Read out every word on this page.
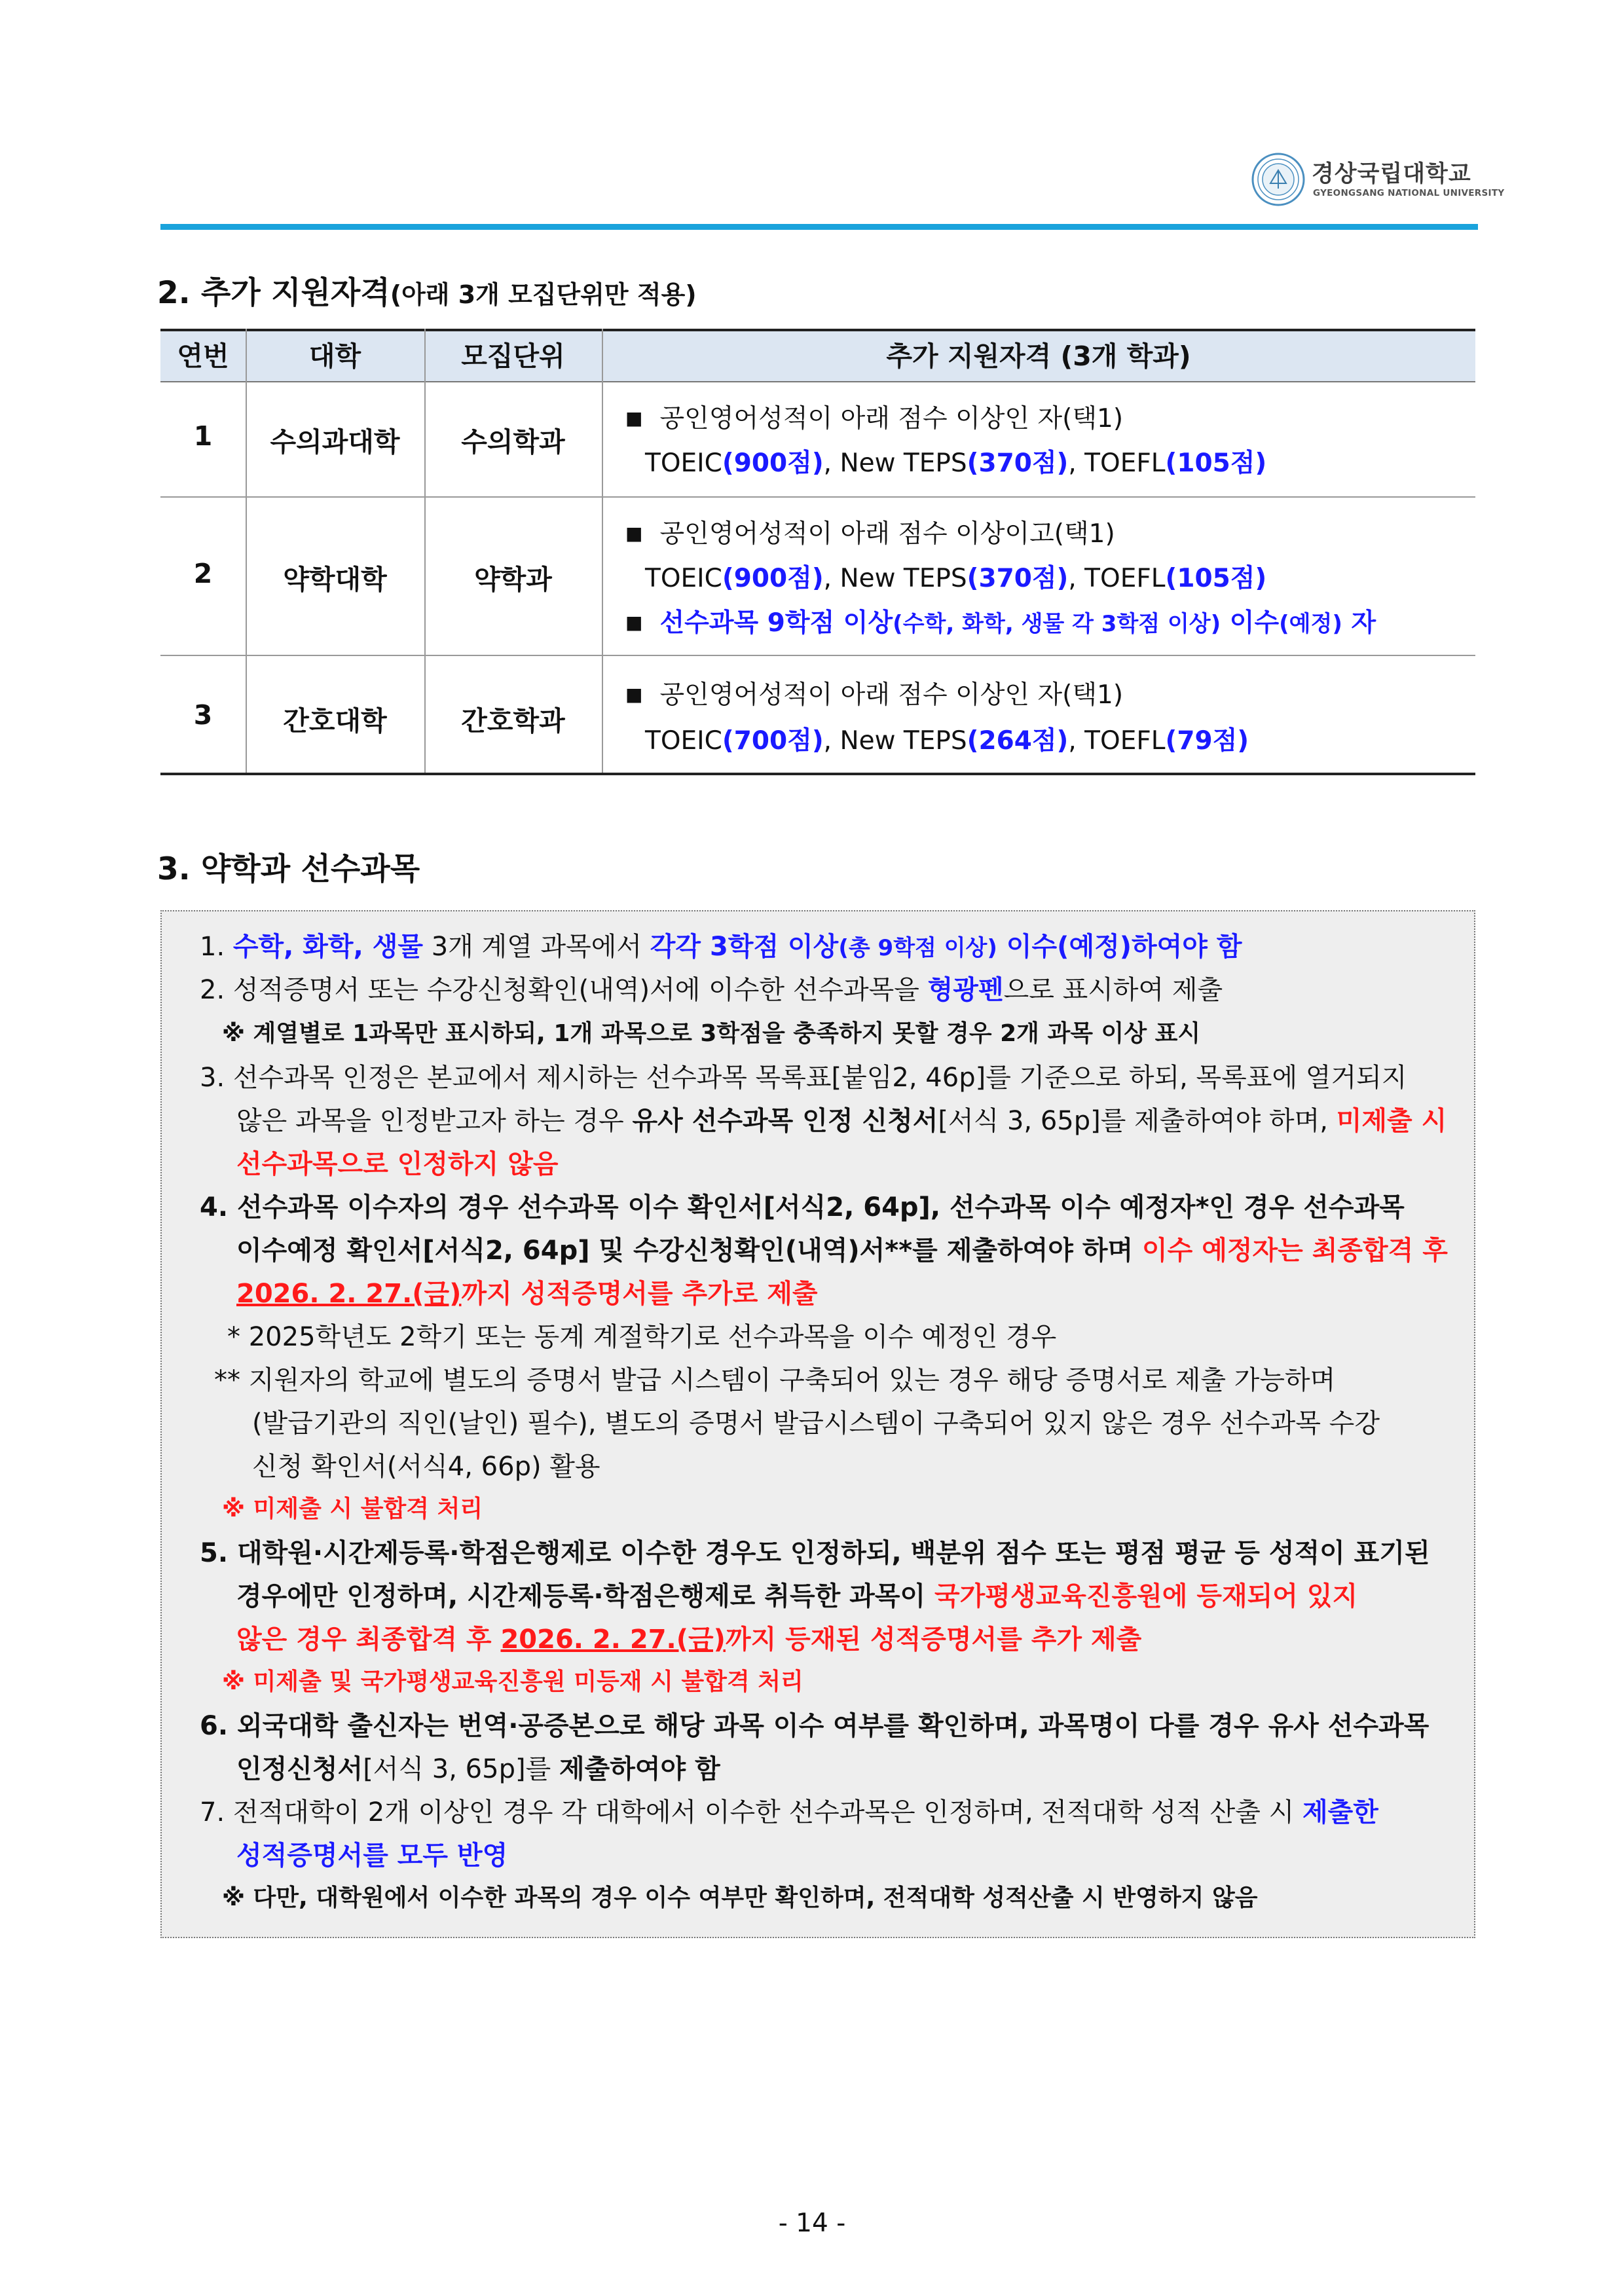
경상국립대학교
GYEONGSANG NATIONAL UNIVERSITY
2. 추가 지원자격(아래 3개 모집단위만 적용)
연번	대학	모집단위	추가 지원자격 (3개 학과)
1	수의과대학	수의학과
■ 공인영어성적이 아래 점수 이상인 자(택1)
TOEIC(900점), New TEPS(370점), TOEFL(105점)
2	약학대학	약학과
■ 공인영어성적이 아래 점수 이상이고(택1)
TOEIC(900점), New TEPS(370점), TOEFL(105점)
■ 선수과목 9학점 이상(수학, 화학, 생물 각 3학점 이상) 이수(예정) 자
3	간호대학	간호학과
■ 공인영어성적이 아래 점수 이상인 자(택1)
TOEIC(700점), New TEPS(264점), TOEFL(79점)
3. 약학과 선수과목
1. 수학, 화학, 생물 3개 계열 과목에서 각각 3학점 이상(총 9학점 이상) 이수(예정)하여야 함
2. 성적증명서 또는 수강신청확인(내역)서에 이수한 선수과목을 형광펜으로 표시하여 제출
※ 계열별로 1과목만 표시하되, 1개 과목으로 3학점을 충족하지 못할 경우 2개 과목 이상 표시
3. 선수과목 인정은 본교에서 제시하는 선수과목 목록표[붙임2, 46p]를 기준으로 하되, 목록표에 열거되지
않은 과목을 인정받고자 하는 경우 유사 선수과목 인정 신청서[서식 3, 65p]를 제출하여야 하며, 미제출 시
선수과목으로 인정하지 않음
4. 선수과목 이수자의 경우 선수과목 이수 확인서[서식2, 64p], 선수과목 이수 예정자*인 경우 선수과목
이수예정 확인서[서식2, 64p] 및 수강신청확인(내역)서**를 제출하여야 하며 이수 예정자는 최종합격 후
2026. 2. 27.(금)까지 성적증명서를 추가로 제출
* 2025학년도 2학기 또는 동계 계절학기로 선수과목을 이수 예정인 경우
** 지원자의 학교에 별도의 증명서 발급 시스템이 구축되어 있는 경우 해당 증명서로 제출 가능하며
(발급기관의 직인(날인) 필수), 별도의 증명서 발급시스템이 구축되어 있지 않은 경우 선수과목 수강
신청 확인서(서식4, 66p) 활용
※ 미제출 시 불합격 처리
5. 대학원·시간제등록·학점은행제로 이수한 경우도 인정하되, 백분위 점수 또는 평점 평균 등 성적이 표기된
경우에만 인정하며, 시간제등록·학점은행제로 취득한 과목이 국가평생교육진흥원에 등재되어 있지
않은 경우 최종합격 후 2026. 2. 27.(금)까지 등재된 성적증명서를 추가 제출
※ 미제출 및 국가평생교육진흥원 미등재 시 불합격 처리
6. 외국대학 출신자는 번역·공증본으로 해당 과목 이수 여부를 확인하며, 과목명이 다를 경우 유사 선수과목
인정신청서[서식 3, 65p]를 제출하여야 함
7. 전적대학이 2개 이상인 경우 각 대학에서 이수한 선수과목은 인정하며, 전적대학 성적 산출 시 제출한
성적증명서를 모두 반영
※ 다만, 대학원에서 이수한 과목의 경우 이수 여부만 확인하며, 전적대학 성적산출 시 반영하지 않음
- 14 -
